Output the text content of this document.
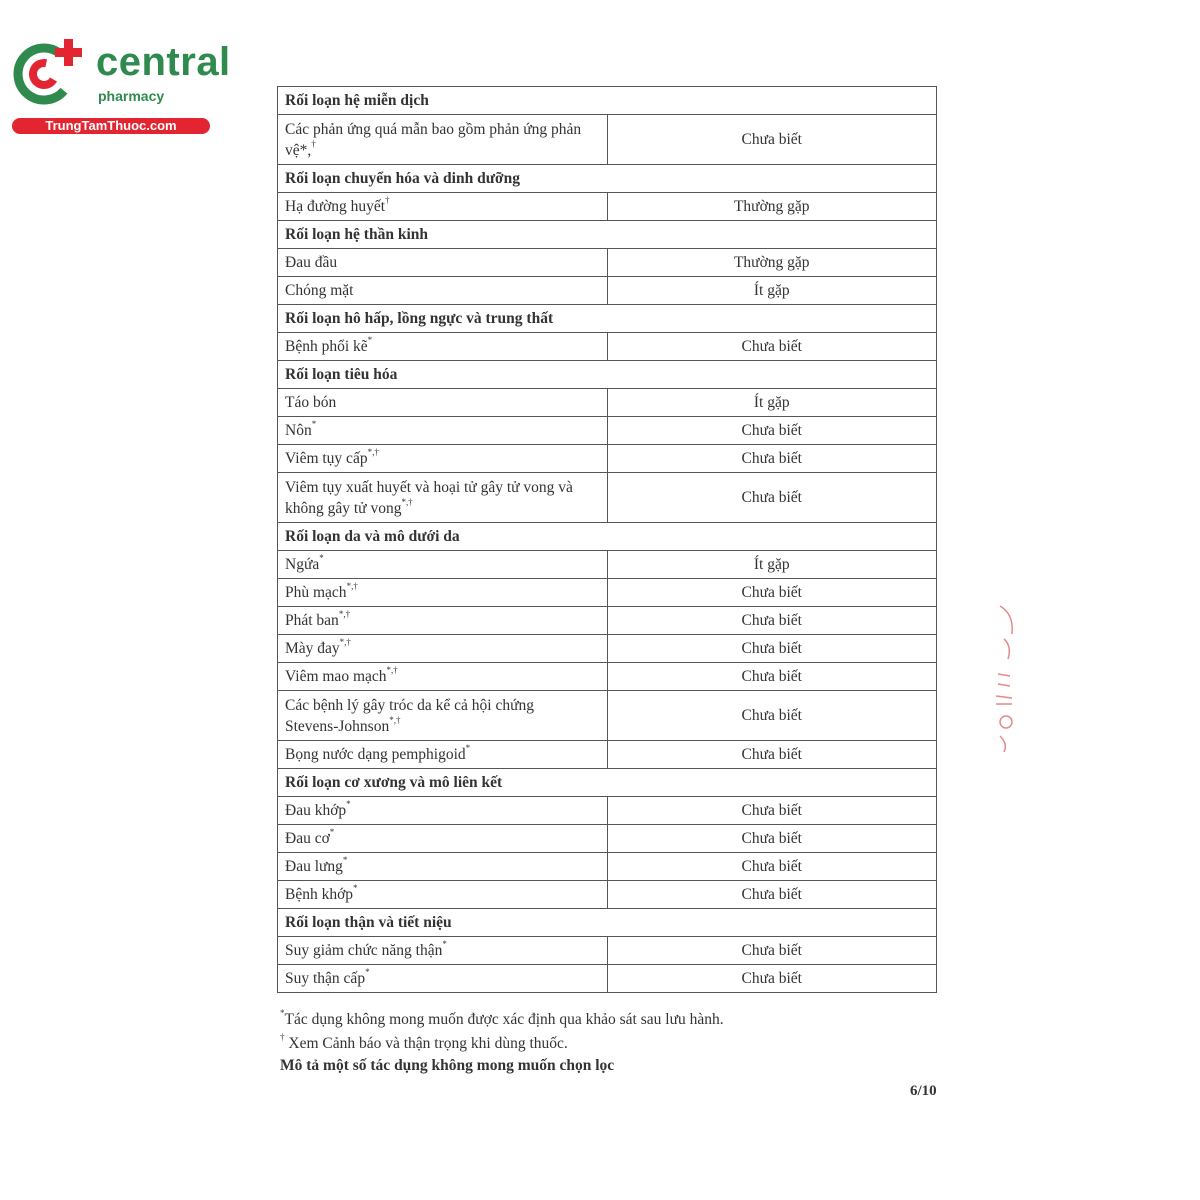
central
pharmacy
TrungTamThuoc.com
Rối loạn hệ miễn dịch	
Các phản ứng quá mẫn bao gồm phản ứng phản
vệ*,†	Chưa biết
Rối loạn chuyển hóa và dinh dưỡng	
Hạ đường huyết†	Thường gặp
Rối loạn hệ thần kinh	
Đau đầu	Thường gặp
Chóng mặt	Ít gặp
Rối loạn hô hấp, lồng ngực và trung thất	
Bệnh phổi kẽ*	Chưa biết
Rối loạn tiêu hóa	
Táo bón	Ít gặp
Nôn*	Chưa biết
Viêm tụy cấp*,†	Chưa biết
Viêm tụy xuất huyết và hoại tử gây tử vong và
không gây tử vong*,†	Chưa biết
Rối loạn da và mô dưới da	
Ngứa*	Ít gặp
Phù mạch*,†	Chưa biết
Phát ban*,†	Chưa biết
Mày đay*,†	Chưa biết
Viêm mao mạch*,†	Chưa biết
Các bệnh lý gây tróc da kể cả hội chứng
Stevens-Johnson*,†	Chưa biết
Bọng nước dạng pemphigoid*	Chưa biết
Rối loạn cơ xương và mô liên kết	
Đau khớp*	Chưa biết
Đau cơ*	Chưa biết
Đau lưng*	Chưa biết
Bệnh khớp*	Chưa biết
Rối loạn thận và tiết niệu	
Suy giảm chức năng thận*	Chưa biết
Suy thận cấp*	Chưa biết
*Tác dụng không mong muốn được xác định qua khảo sát sau lưu hành.
† Xem Cảnh báo và thận trọng khi dùng thuốc.
Mô tả một số tác dụng không mong muốn chọn lọc
6/10
